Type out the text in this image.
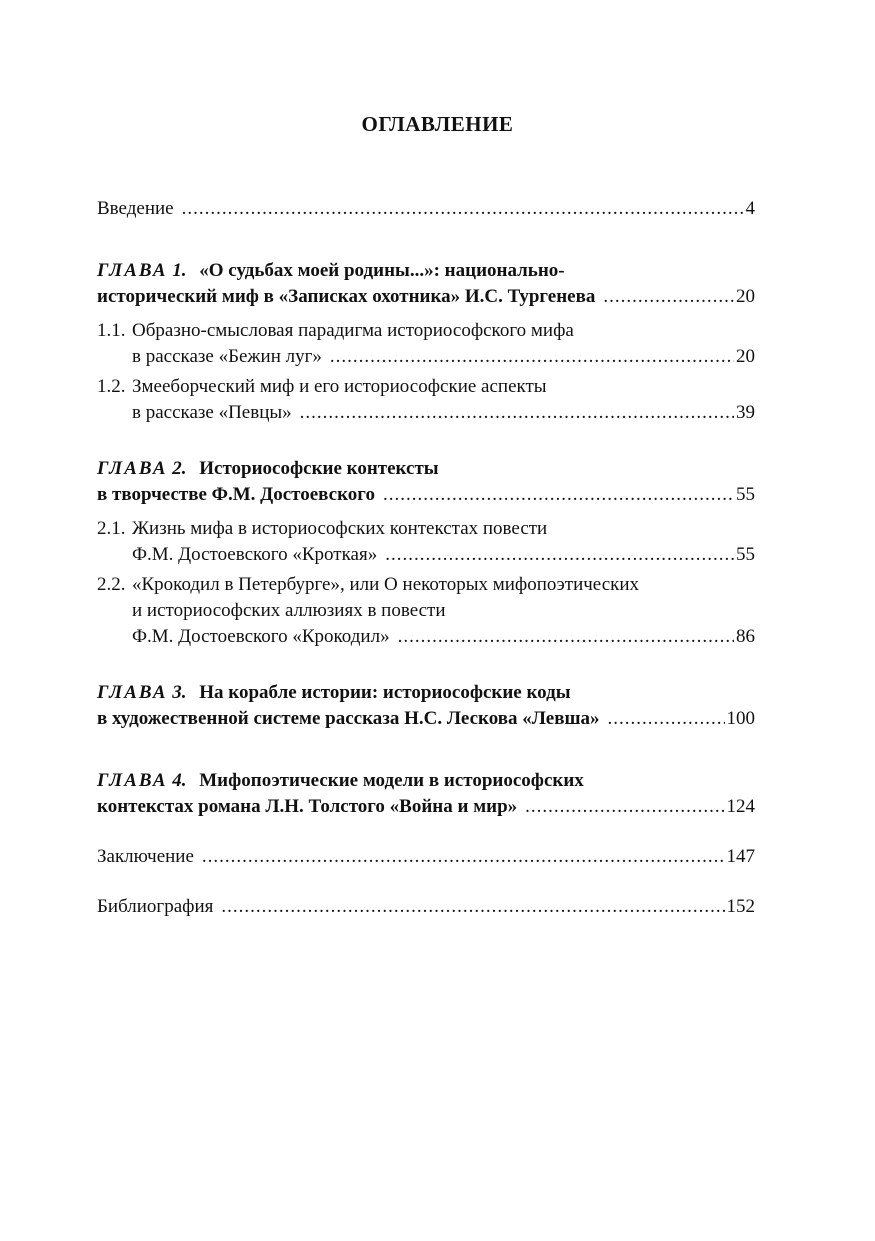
ОГЛАВЛЕНИЕ
Введение .....	4
ГЛАВА 1. «О судьбах моей родины...»: национально-
исторический миф в «Записках охотника» И.С. Тургенева .....	20
1.1. Образно-смысловая парадигма историософского мифа
в рассказе «Бежин луг» .....	20
1.2. Змееборческий миф и его историософские аспекты
в рассказе «Певцы» .....	39
ГЛАВА 2. Историософские контексты
в творчестве Ф.М. Достоевского .....	55
2.1. Жизнь мифа в историософских контекстах повести
Ф.М. Достоевского «Кроткая» .....	55
2.2. «Крокодил в Петербурге», или О некоторых мифопоэтических
и историософских аллюзиях в повести
Ф.М. Достоевского «Крокодил» .....	86
ГЛАВА 3. На корабле истории: историософские коды
в художественной системе рассказа Н.С. Лескова «Левша» .....	100
ГЛАВА 4. Мифопоэтические модели в историософских
контекстах романа Л.Н. Толстого «Война и мир» .....	124
Заключение .....	147
Библиография .....	152
